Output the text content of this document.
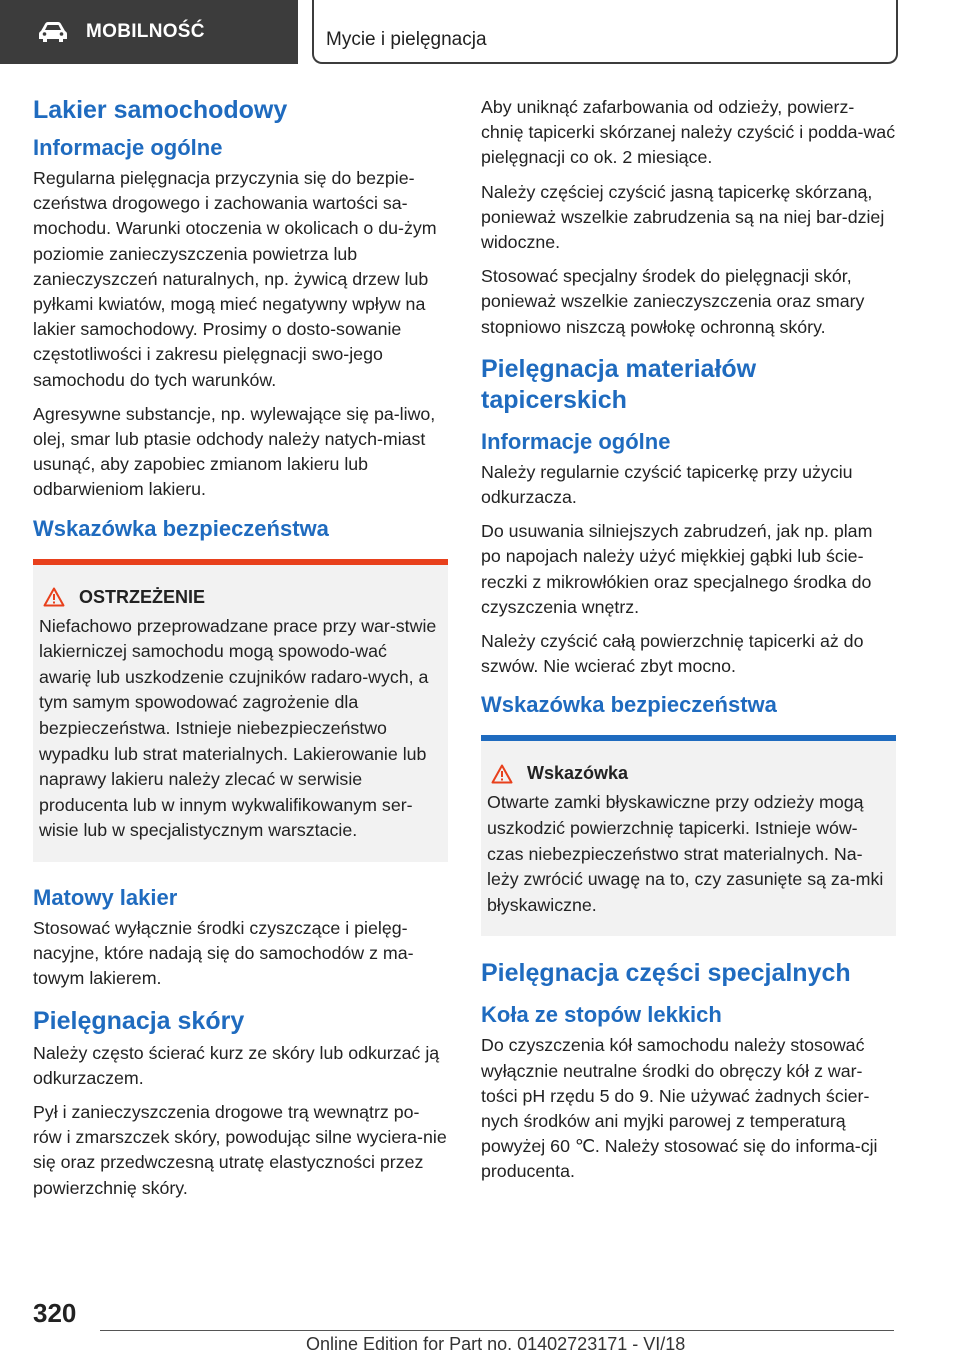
MOBILNOŚĆ	Mycie i pielęgnacja
Lakier samochodowy
Informacje ogólne

Regularna pielęgnacja przyczynia się do bezpie-czeństwa drogowego i zachowania wartości sa-mochodu. Warunki otoczenia w okolicach o du-żym poziomie zanieczyszczenia powietrza lub zanieczyszczeń naturalnych, np. żywicą drzew lub pyłkami kwiatów, mogą mieć negatywny wpływ na lakier samochodowy. Prosimy o dosto-sowanie częstotliwości i zakresu pielęgnacji swo-jego samochodu do tych warunków.

Agresywne substancje, np. wylewające się pa-liwo, olej, smar lub ptasie odchody należy natych-miast usunąć, aby zapobiec zmianom lakieru lub odbarwieniom lakieru.

Wskazówka bezpieczeństwa
OSTRZEŻENIE

Niefachowo przeprowadzane prace przy war-stwie lakierniczej samochodu mogą spowodo-wać awarię lub uszkodzenie czujników radaro-wych, a tym samym spowodować zagrożenie dla bezpieczeństwa. Istnieje niebezpieczeństwo wypadku lub strat materialnych. Lakierowanie lub naprawy lakieru należy zlecać w serwisie producenta lub w innym wykwalifikowanym ser-wisie lub w specjalistycznym warsztacie.

Matowy lakier

Stosować wyłącznie środki czyszczące i pielęg-nacyjne, które nadają się do samochodów z ma-towym lakierem.

Pielęgnacja skóry

Należy często ścierać kurz ze skóry lub odkurzać ją odkurzaczem.

Pył i zanieczyszczenia drogowe trą wewnątrz po-rów i zmarszczek skóry, powodując silne wyciera-nie się oraz przedwczesną utratę elastyczności przez powierzchnię skóry.

Aby uniknąć zafarbowania od odzieży, powierz-chnię tapicerki skórzanej należy czyścić i podda-wać pielęgnacji co ok. 2 miesiące.

Należy częściej czyścić jasną tapicerkę skórzaną, ponieważ wszelkie zabrudzenia są na niej bar-dziej widoczne.

Stosować specjalny środek do pielęgnacji skór, ponieważ wszelkie zanieczyszczenia oraz smary stopniowo niszczą powłokę ochronną skóry.

Pielęgnacja materiałów tapicerskich
Informacje ogólne

Należy regularnie czyścić tapicerkę przy użyciu odkurzacza.

Do usuwania silniejszych zabrudzeń, jak np. plam po napojach należy użyć miękkiej gąbki lub ście-reczki z mikrowłókien oraz specjalnego środka do czyszczenia wnętrz.

Należy czyścić całą powierzchnię tapicerki aż do szwów. Nie wcierać zbyt mocno.

Wskazówka bezpieczeństwa
Wskazówka

Otwarte zamki błyskawiczne przy odzieży mogą uszkodzić powierzchnię tapicerki. Istnieje wów-czas niebezpieczeństwo strat materialnych. Na-leży zwrócić uwagę na to, czy zasunięte są za-mki błyskawiczne.

Pielęgnacja części specjalnych
Koła ze stopów lekkich

Do czyszczenia kół samochodu należy stosować wyłącznie neutralne środki do obręczy kół z war-tości pH rzędu 5 do 9. Nie używać żadnych ścier-nych środków ani myjki parowej z temperaturą powyżej 60 ℃. Należy stosować się do informa-cji producenta.

320
Online Edition for Part no. 01402723171 - VI/18
